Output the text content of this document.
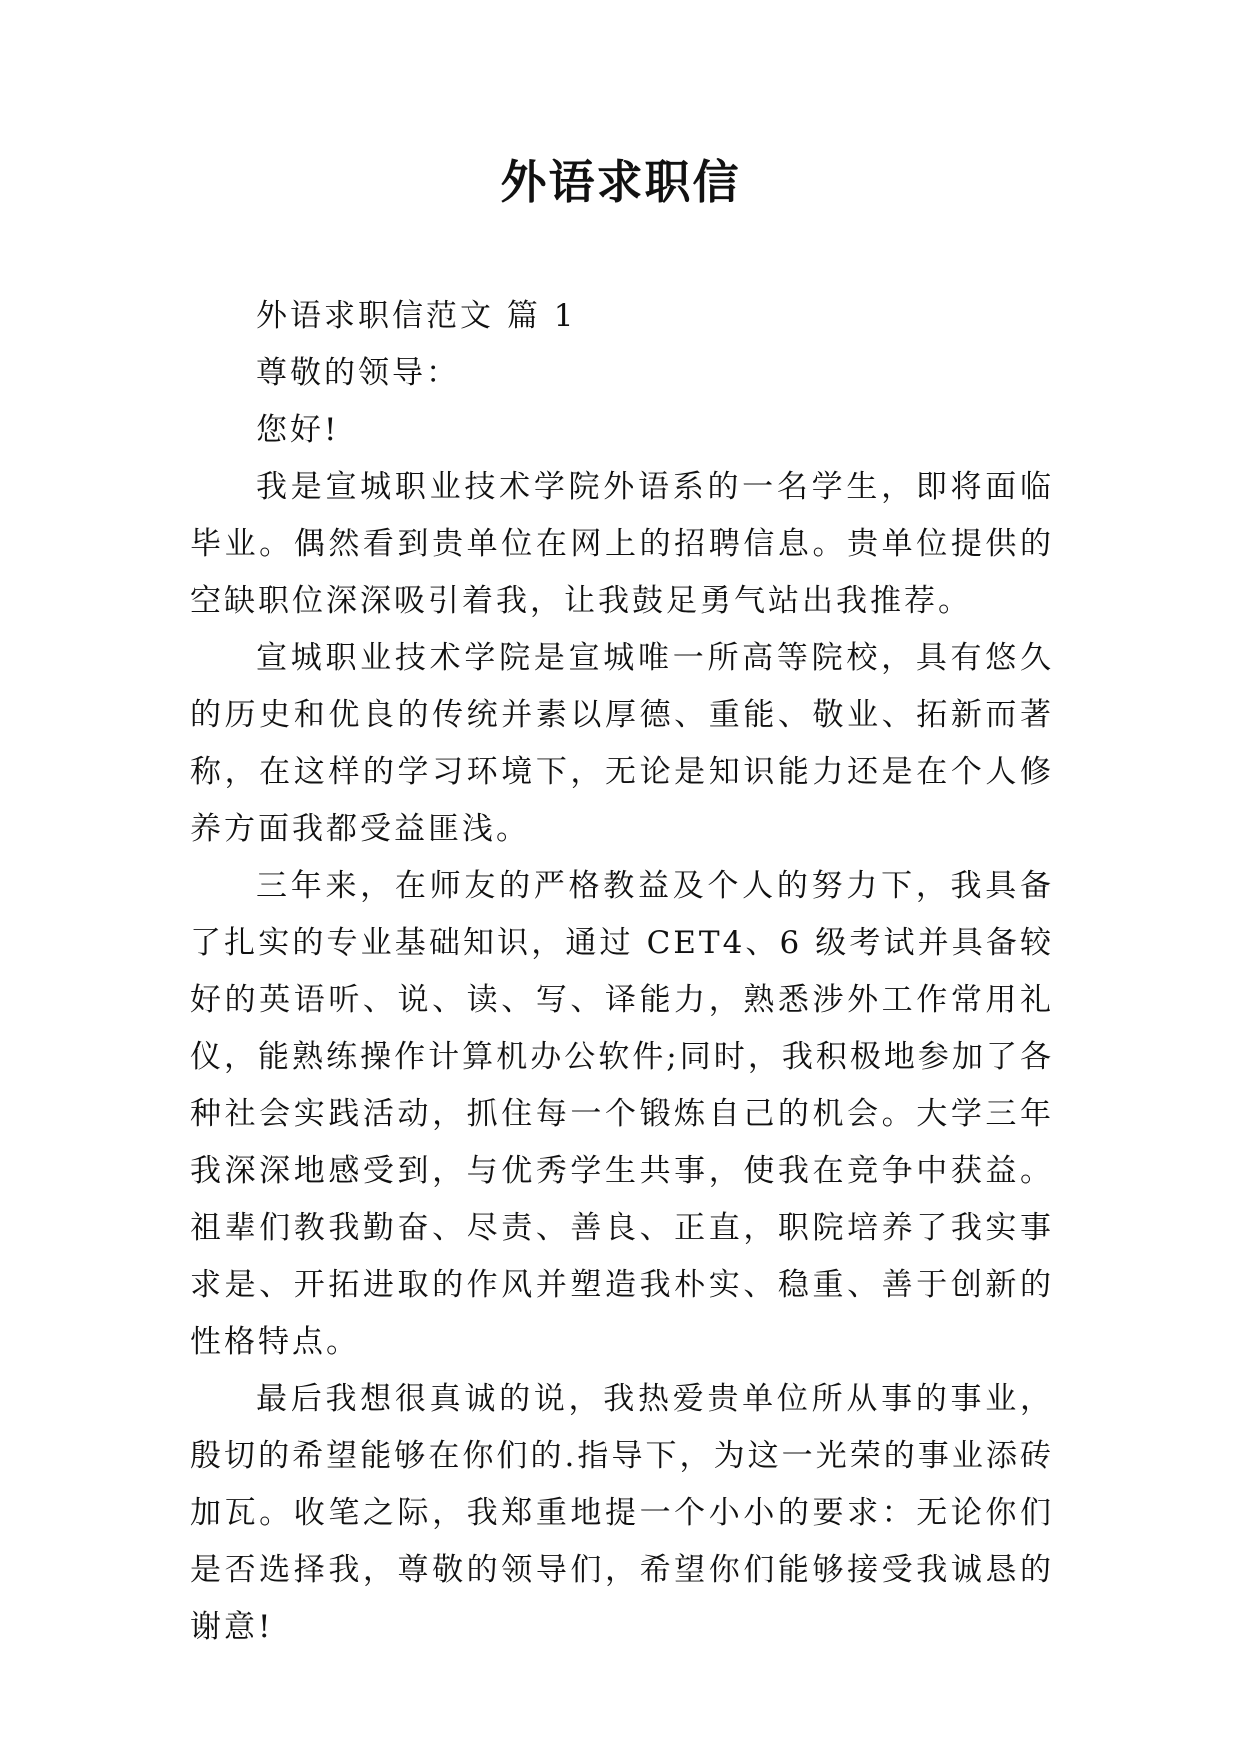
外语求职信

外语求职信范文 篇 1

尊敬的领导：

您好!

我是宣城职业技术学院外语系的一名学生，即将面临毕业。偶然看到贵单位在网上的招聘信息。贵单位提供的空缺职位深深吸引着我，让我鼓足勇气站出我推荐。

宣城职业技术学院是宣城唯一所高等院校，具有悠久的历史和优良的传统并素以厚德、重能、敬业、拓新而著称，在这样的学习环境下，无论是知识能力还是在个人修养方面我都受益匪浅。

三年来，在师友的严格教益及个人的努力下，我具备了扎实的专业基础知识，通过 CET4、6 级考试并具备较好的英语听、说、读、写、译能力，熟悉涉外工作常用礼仪，能熟练操作计算机办公软件;同时，我积极地参加了各种社会实践活动，抓住每一个锻炼自己的机会。大学三年我深深地感受到，与优秀学生共事，使我在竞争中获益。祖辈们教我勤奋、尽责、善良、正直，职院培养了我实事求是、开拓进取的作风并塑造我朴实、稳重、善于创新的性格特点。

最后我想很真诚的说，我热爱贵单位所从事的事业，殷切的希望能够在你们的.指导下，为这一光荣的事业添砖加瓦。收笔之际，我郑重地提一个小小的要求：无论你们是否选择我，尊敬的领导们，希望你们能够接受我诚恳的谢意!
